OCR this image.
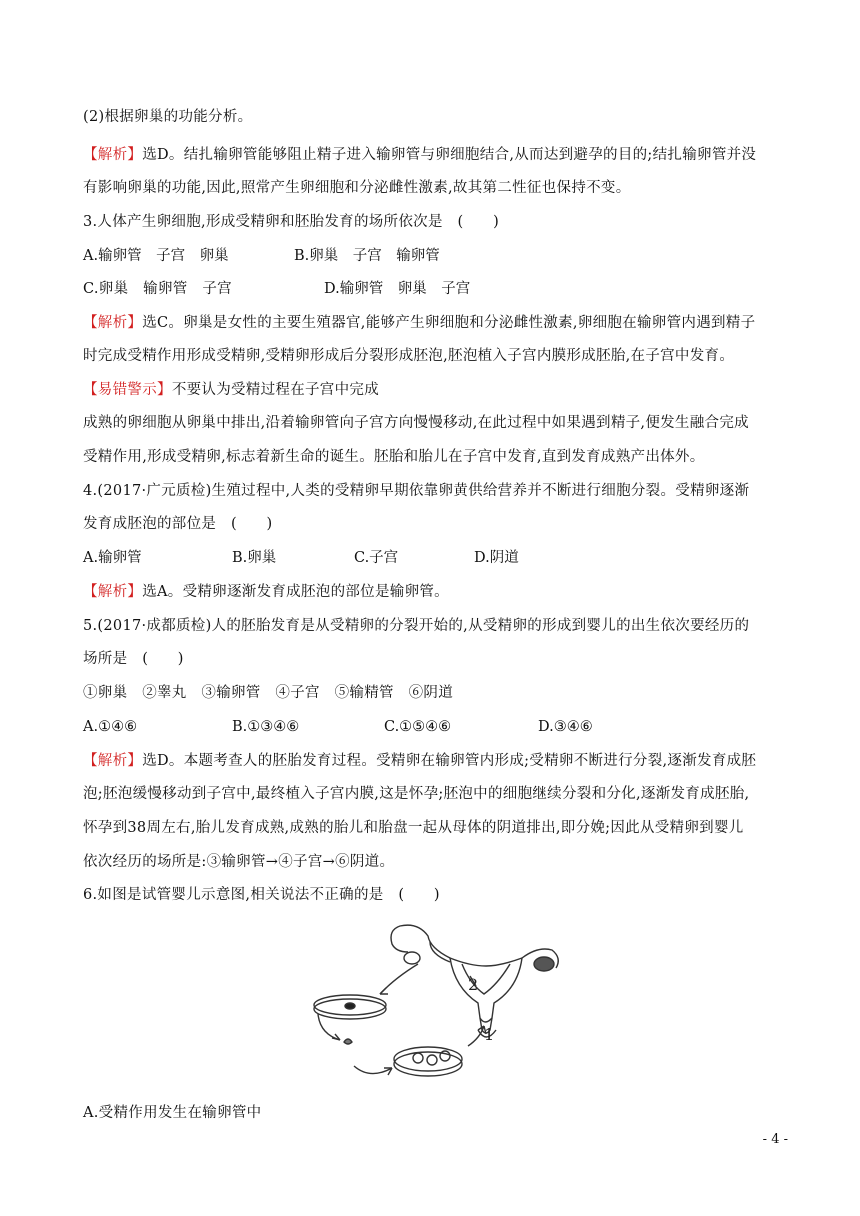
(2)根据卵巢的功能分析。
【解析】选D。结扎输卵管能够阻止精子进入输卵管与卵细胞结合,从而达到避孕的目的;结扎输卵管并没
有影响卵巢的功能,因此,照常产生卵细胞和分泌雌性激素,故其第二性征也保持不变。
3.人体产生卵细胞,形成受精卵和胚胎发育的场所依次是　(　　)
A.输卵管　子宫　卵巢	B.卵巢　子宫　输卵管
C.卵巢　输卵管　子宫	D.输卵管　卵巢　子宫
【解析】选C。卵巢是女性的主要生殖器官,能够产生卵细胞和分泌雌性激素,卵细胞在输卵管内遇到精子
时完成受精作用形成受精卵,受精卵形成后分裂形成胚泡,胚泡植入子宫内膜形成胚胎,在子宫中发育。
【易错警示】不要认为受精过程在子宫中完成
成熟的卵细胞从卵巢中排出,沿着输卵管向子宫方向慢慢移动,在此过程中如果遇到精子,便发生融合完成
受精作用,形成受精卵,标志着新生命的诞生。胚胎和胎儿在子宫中发育,直到发育成熟产出体外。
4.(2017·广元质检)生殖过程中,人类的受精卵早期依靠卵黄供给营养并不断进行细胞分裂。受精卵逐渐
发育成胚泡的部位是　(　　)
A.输卵管	B.卵巢	C.子宫	D.阴道
【解析】选A。受精卵逐渐发育成胚泡的部位是输卵管。
5.(2017·成都质检)人的胚胎发育是从受精卵的分裂开始的,从受精卵的形成到婴儿的出生依次要经历的
场所是　(　　)
①卵巢　②睾丸　③输卵管　④子宫　⑤输精管　⑥阴道
A.①④⑥	B.①③④⑥	C.①⑤④⑥	D.③④⑥
【解析】选D。本题考查人的胚胎发育过程。受精卵在输卵管内形成;受精卵不断进行分裂,逐渐发育成胚
泡;胚泡缓慢移动到子宫中,最终植入子宫内膜,这是怀孕;胚泡中的细胞继续分裂和分化,逐渐发育成胚胎,
怀孕到38周左右,胎儿发育成熟,成熟的胎儿和胎盘一起从母体的阴道排出,即分娩;因此从受精卵到婴儿
依次经历的场所是:③输卵管→④子宫→⑥阴道。
6.如图是试管婴儿示意图,相关说法不正确的是　(　　)
2
1
A.受精作用发生在输卵管中
- 4 -
